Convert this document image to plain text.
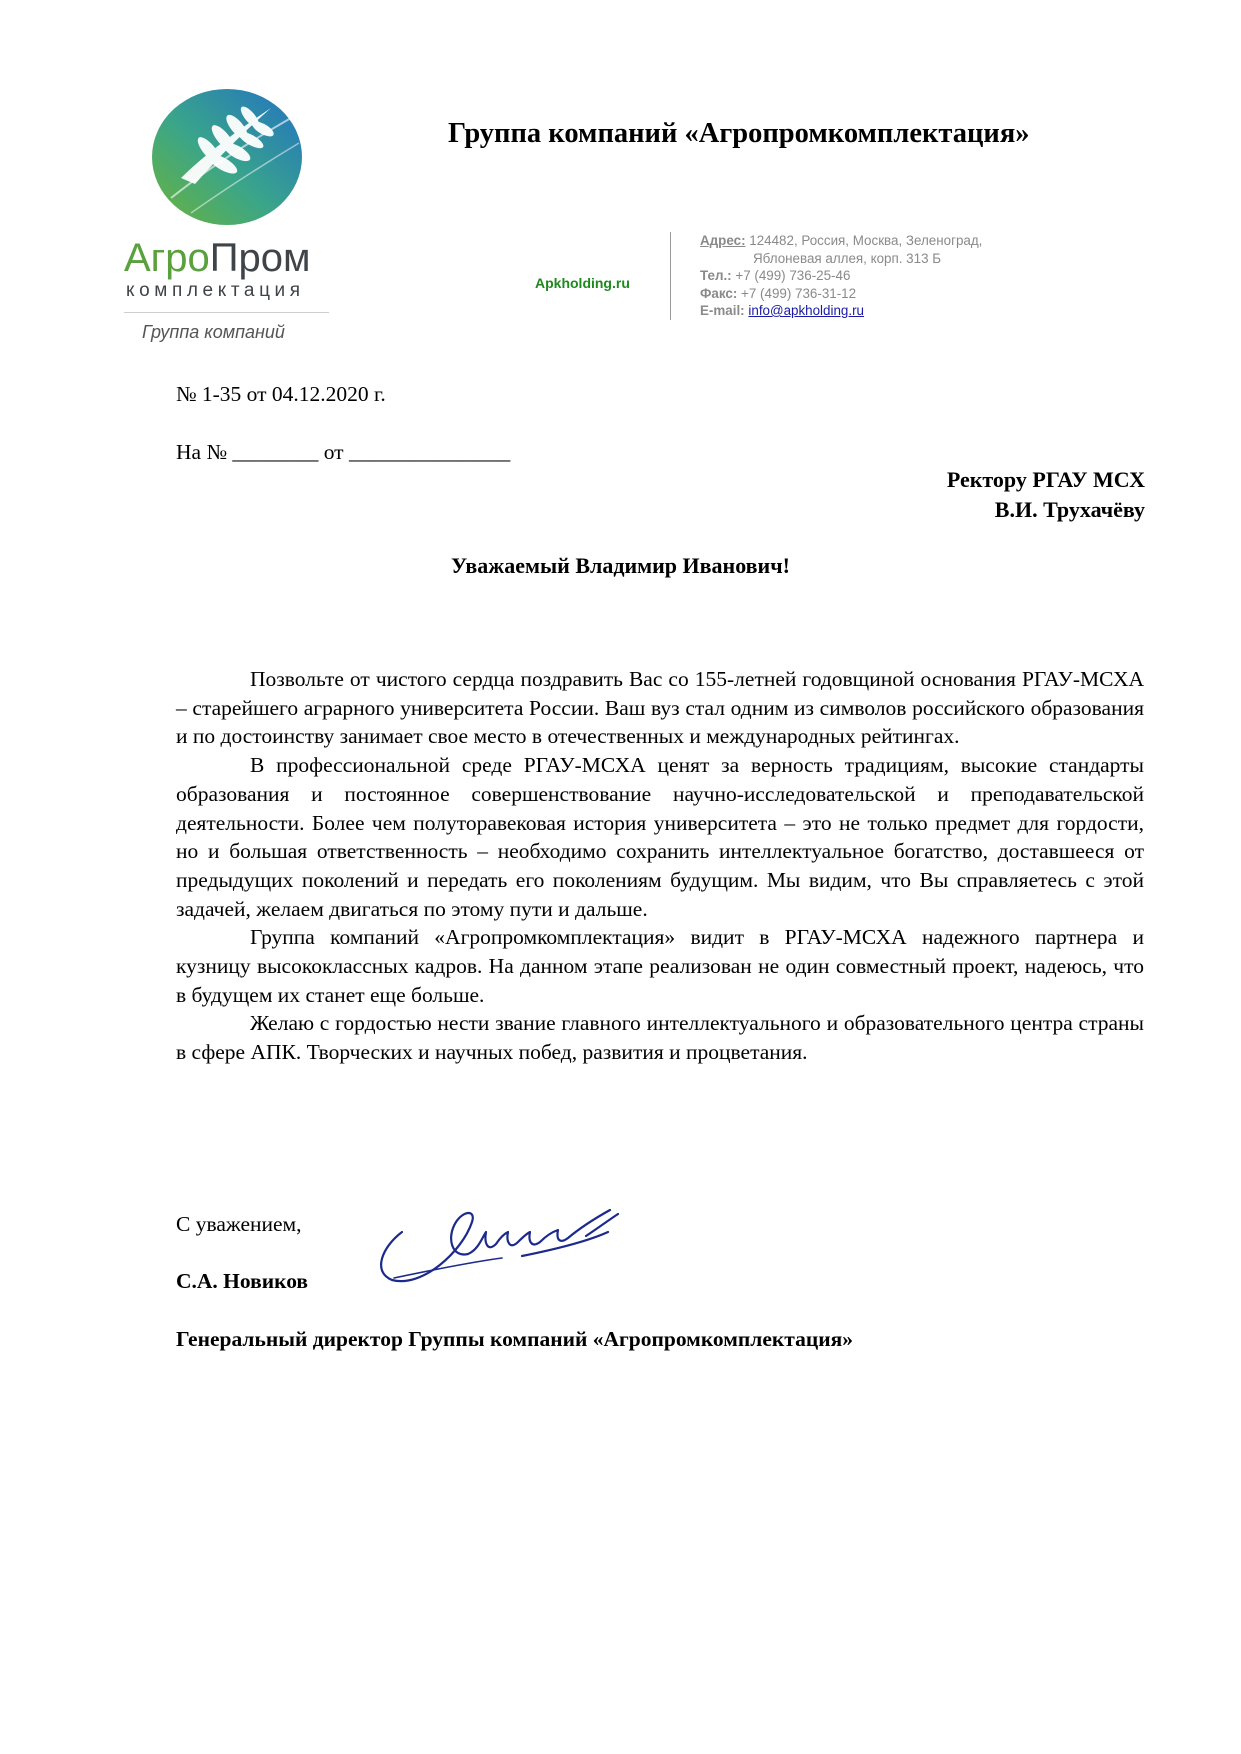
АгроПром
комплектация
Группа компаний
Группа компаний «Агропромкомплектация»
Apkholding.ru
Адрес: 124482, Россия, Москва, Зеленоград,
Яблоневая аллея, корп. 313 Б
Тел.: +7 (499) 736-25-46
Факс: +7 (499) 736-31-12
E-mail: info@apkholding.ru
№ 1-35 от 04.12.2020 г.
На № ________ от _______________
Ректору РГАУ МСХ
В.И. Трухачёву
Уважаемый Владимир Иванович!

Позвольте от чистого сердца поздравить Вас со 155-летней годовщиной основания РГАУ-МСХА – старейшего аграрного университета России. Ваш вуз стал одним из символов российского образования и по достоинству занимает свое место в отечественных и международных рейтингах.

В профессиональной среде РГАУ-МСХА ценят за верность традициям, высокие стандарты образования и постоянное совершенствование научно-исследовательской и преподавательской деятельности. Более чем полуторавековая история университета – это не только предмет для гордости, но и большая ответственность – необходимо сохранить интеллектуальное богатство, доставшееся от предыдущих поколений и передать его поколениям будущим. Мы видим, что Вы справляетесь с этой задачей, желаем двигаться по этому пути и дальше.

Группа компаний «Агропромкомплектация» видит в РГАУ-МСХА надежного партнера и кузницу высококлассных кадров. На данном этапе реализован не один совместный проект, надеюсь, что в будущем их станет еще больше.

Желаю с гордостью нести звание главного интеллектуального и образовательного центра страны в сфере АПК. Творческих и научных побед, развития и процветания.

С уважением,
С.А. Новиков
Генеральный директор Группы компаний «Агропромкомплектация»
